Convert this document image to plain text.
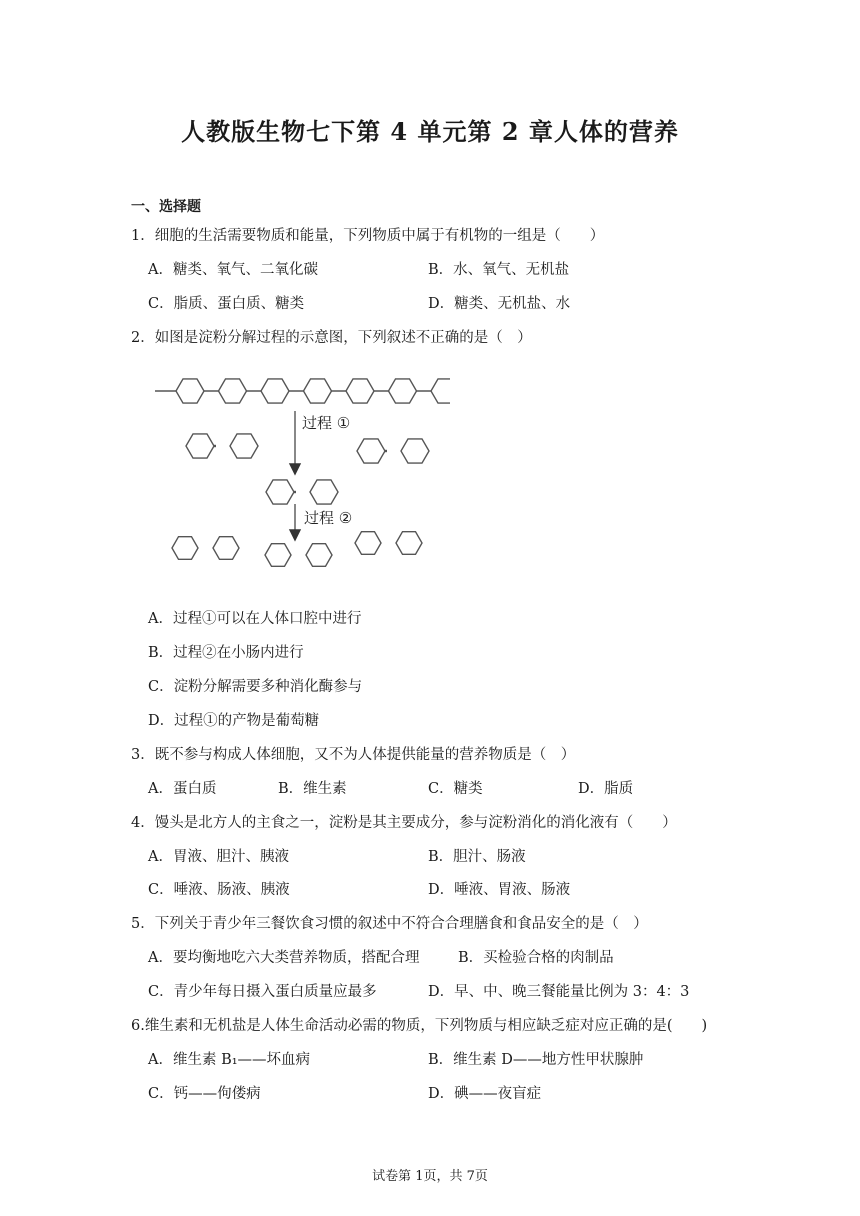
人教版生物七下第 4 单元第 2 章人体的营养
一、选择题
1．细胞的生活需要物质和能量，下列物质中属于有机物的一组是（　　）
A．糖类、氧气、二氧化碳	B．水、氧气、无机盐
C．脂质、蛋白质、糖类	D．糖类、无机盐、水
2．如图是淀粉分解过程的示意图，下列叙述不正确的是（　）
过程 ①
过程 ②
A．过程①可以在人体口腔中进行
B．过程②在小肠内进行
C．淀粉分解需要多种消化酶参与
D．过程①的产物是葡萄糖
3．既不参与构成人体细胞，又不为人体提供能量的营养物质是（　）
A．蛋白质	B．维生素	C．糖类	D．脂质
4．馒头是北方人的主食之一，淀粉是其主要成分，参与淀粉消化的消化液有（　　）
A．胃液、胆汁、胰液	B．胆汁、肠液
C．唾液、肠液、胰液	D．唾液、胃液、肠液
5．下列关于青少年三餐饮食习惯的叙述中不符合合理膳食和食品安全的是（　）
A．要均衡地吃六大类营养物质，搭配合理	B．买检验合格的肉制品
C．青少年每日摄入蛋白质量应最多	D．早、中、晚三餐能量比例为 3：4：3
6.维生素和无机盐是人体生命活动必需的物质，下列物质与相应缺乏症对应正确的是(　　)
A．维生素 B₁——坏血病	B．维生素 D——地方性甲状腺肿
C．钙——佝偻病	D．碘——夜盲症
试卷第 1页，共 7页
